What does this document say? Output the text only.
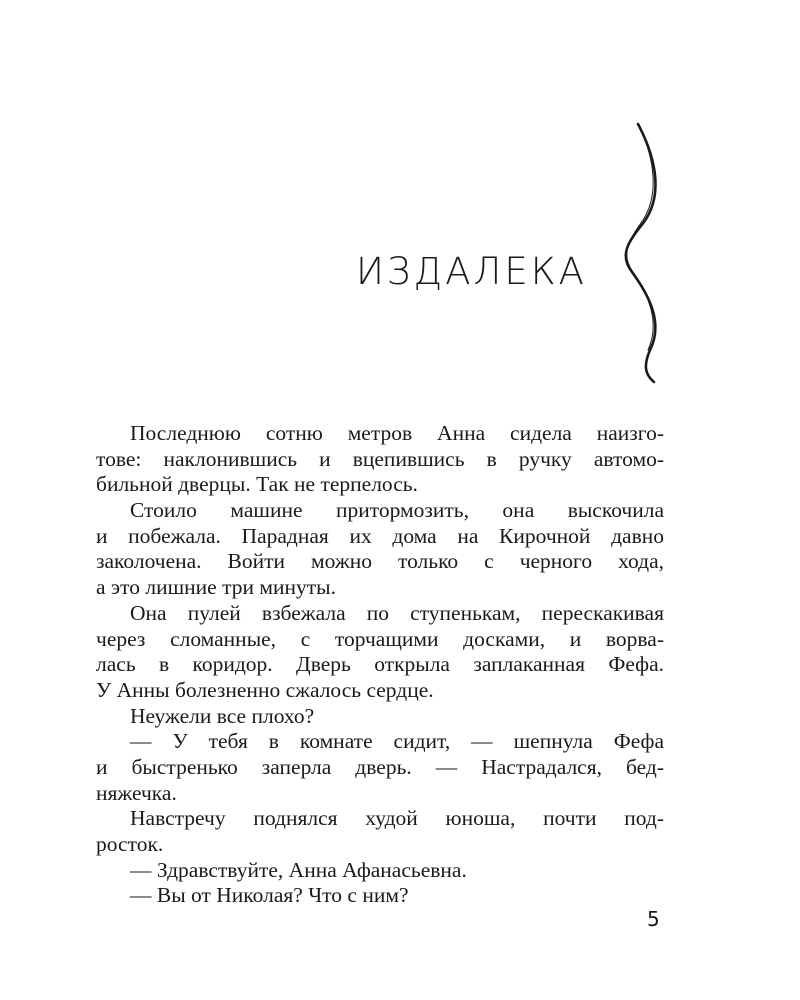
ИЗДАЛЕКА
Последнюю сотню метров Анна сидела наизго-
тове: наклонившись и вцепившись в ручку автомо-
бильной дверцы. Так не терпелось.
Стоило машине притормозить, она выскочила
и побежала. Парадная их дома на Кирочной давно
заколочена. Войти можно только с черного хода,
а это лишние три минуты.
Она пулей взбежала по ступенькам, перескакивая
через сломанные, с торчащими досками, и ворва-
лась в коридор. Дверь открыла заплаканная Фефа.
У Анны болезненно сжалось сердце.
Неужели все плохо?
— У тебя в комнате сидит, — шепнула Фефа
и быстренько заперла дверь. — Настрадался, бед-
няжечка.
Навстречу поднялся худой юноша, почти под-
росток.
— Здравствуйте, Анна Афанасьевна.
— Вы от Николая? Что с ним?
5
